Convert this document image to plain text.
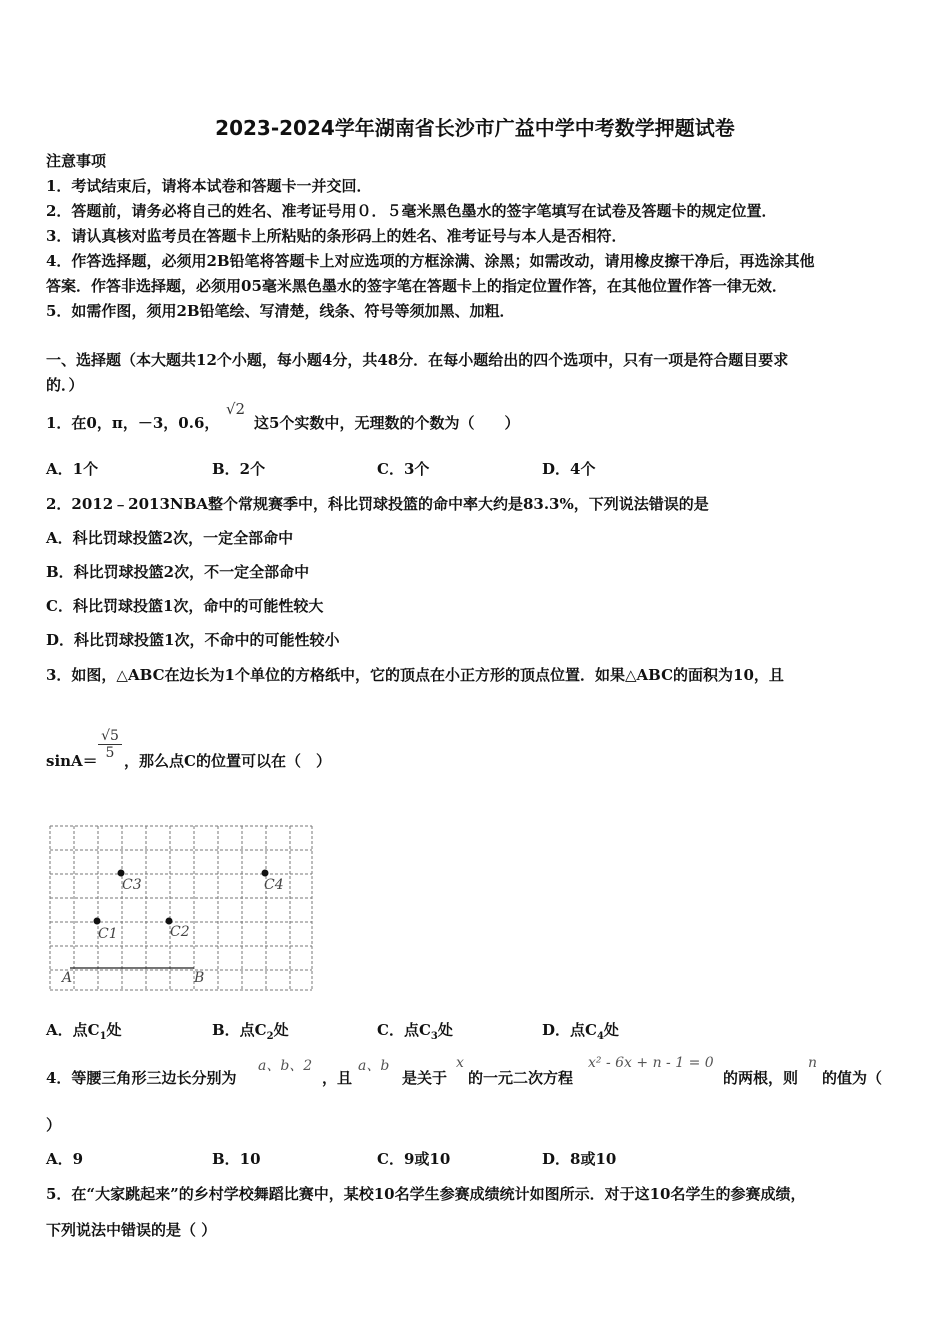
2023-2024学年湖南省长沙市广益中学中考数学押题试卷
注意事项
1．考试结束后，请将本试卷和答题卡一并交回．
2．答题前，请务必将自己的姓名、准考证号用０．５毫米黑色墨水的签字笔填写在试卷及答题卡的规定位置．
3．请认真核对监考员在答题卡上所粘贴的条形码上的姓名、准考证号与本人是否相符．
4．作答选择题，必须用2B铅笔将答题卡上对应选项的方框涂满、涂黑；如需改动，请用橡皮擦干净后，再选涂其他
答案．作答非选择题，必须用05毫米黑色墨水的签字笔在答题卡上的指定位置作答，在其他位置作答一律无效．
5．如需作图，须用2B铅笔绘、写清楚，线条、符号等须加黑、加粗．
一、选择题（本大题共12个小题，每小题4分，共48分．在每小题给出的四个选项中，只有一项是符合题目要求
的．）
1．在0，π，－3，0.6，
√2
这5个实数中，无理数的个数为（　　）
A．1个	B．2个	C．3个	D．4个
2．2012﹣2013NBA整个常规赛季中，科比罚球投篮的命中率大约是83.3%，下列说法错误的是
A．科比罚球投篮2次，一定全部命中
B．科比罚球投篮2次，不一定全部命中
C．科比罚球投篮1次，命中的可能性较大
D．科比罚球投篮1次，不命中的可能性较小
3．如图，△ABC在边长为1个单位的方格纸中，它的顶点在小正方形的顶点位置．如果△ABC的面积为10，且
$\sin A= \frac{√5}{5}$ ，那么点C的位置可以在（　）
C3	C4
C1	C2
A	B
A．点$C_1$处	B．点$C_2$处	C．点$C_3$处	D．点$C_4$处
4．等腰三角形三边长分别为
a、b、2
，且
a、b
是关于
x
的一元二次方程
x² - 6x + n - 1 = 0
的两根，则
n
的值为（
）
A．9	B．10	C．9或10	D．8或10
5．在“大家跳起来”的乡村学校舞蹈比赛中，某校10名学生参赛成绩统计如图所示．对于这10名学生的参赛成绩，
下列说法中错误的是（ ）
